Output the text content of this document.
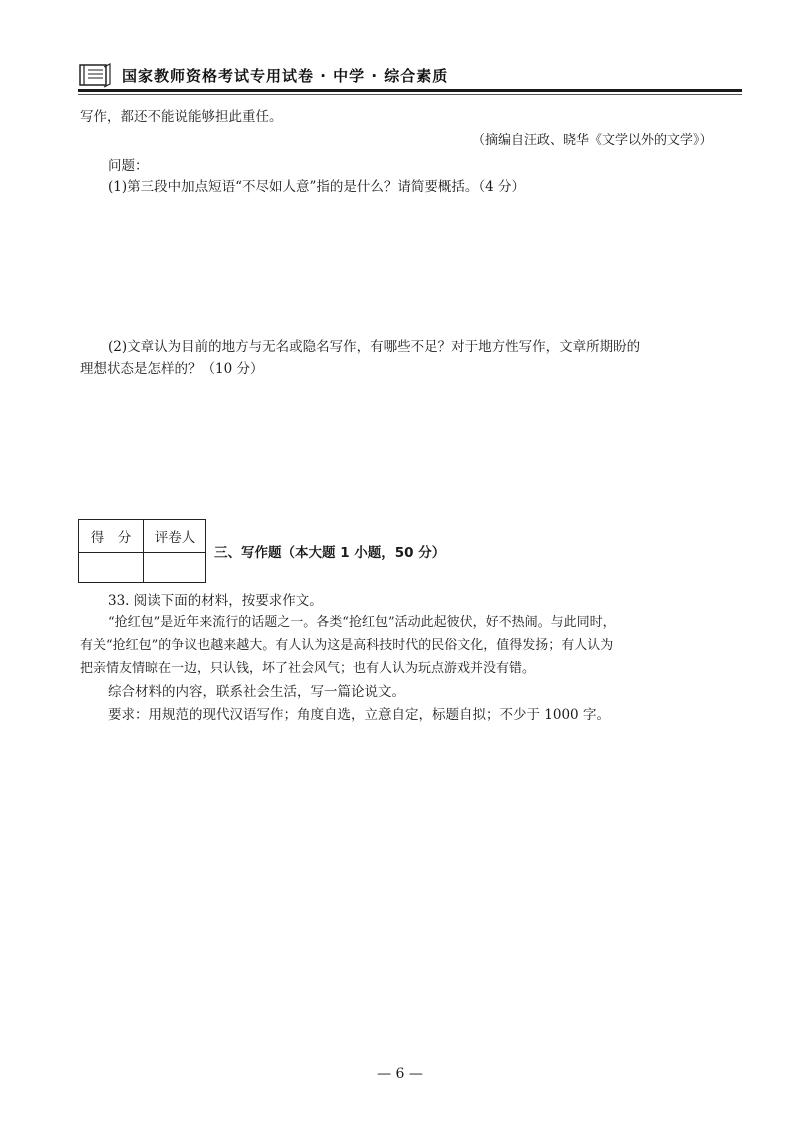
国家教师资格考试专用试卷 · 中学 · 综合素质
写作，都还不能说能够担此重任。
（摘编自汪政、晓华《文学以外的文学》）
问题：
(1)第三段中加点短语“不尽如人意”指的是什么？请简要概括。（4 分）
(2)文章认为目前的地方与无名或隐名写作，有哪些不足？对于地方性写作，文章所期盼的
理想状态是怎样的？（10 分）
得　分	评卷人
三、写作题（本大题 1 小题，50 分）
33. 阅读下面的材料，按要求作文。
“抢红包”是近年来流行的话题之一。各类“抢红包”活动此起彼伏，好不热闹。与此同时，
有关“抢红包”的争议也越来越大。有人认为这是高科技时代的民俗文化，值得发扬；有人认为
把亲情友情晾在一边，只认钱，坏了社会风气；也有人认为玩点游戏并没有错。
综合材料的内容，联系社会生活，写一篇论说文。
要求：用规范的现代汉语写作；角度自选，立意自定，标题自拟；不少于 1000 字。
— 6 —
